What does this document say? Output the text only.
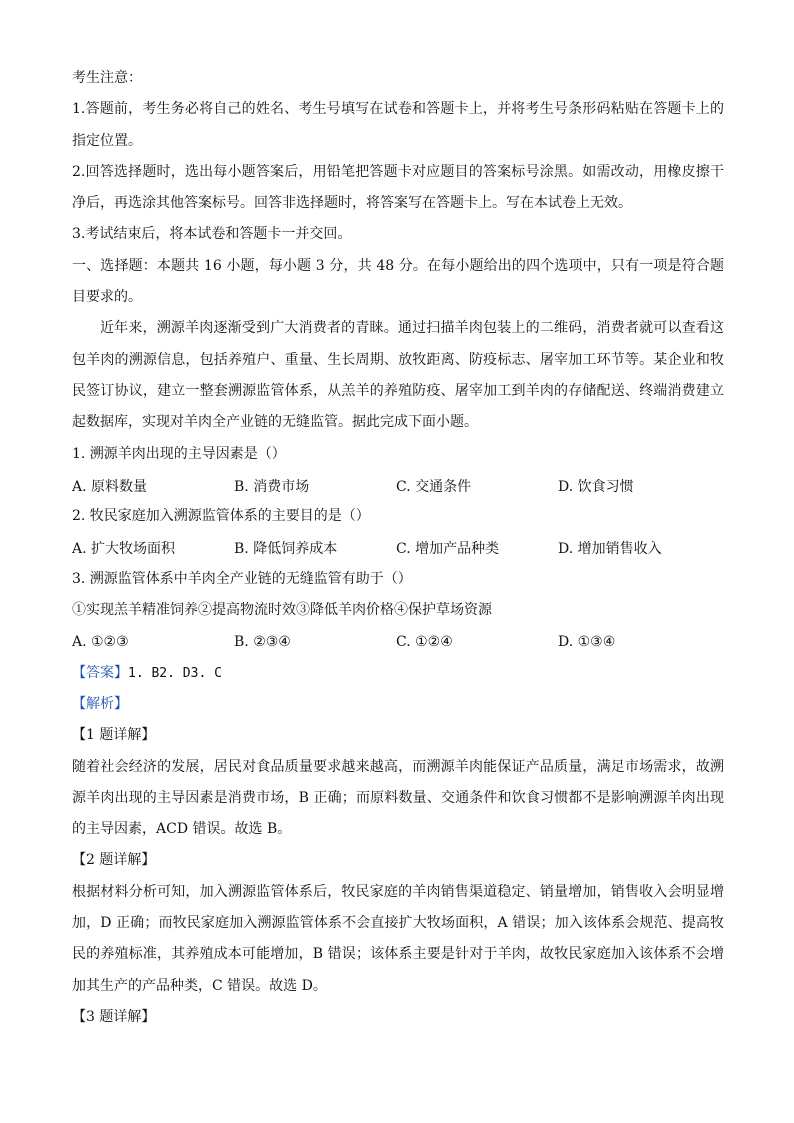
考生注意：

1.答题前，考生务必将自己的姓名、考生号填写在试卷和答题卡上，并将考生号条形码粘贴在答题卡上的指定位置。

2.回答选择题时，选出每小题答案后，用铅笔把答题卡对应题目的答案标号涂黑。如需改动，用橡皮擦干净后，再选涂其他答案标号。回答非选择题时，将答案写在答题卡上。写在本试卷上无效。

3.考试结束后，将本试卷和答题卡一并交回。

一、选择题：本题共 16 小题，每小题 3 分，共 48 分。在每小题给出的四个选项中，只有一项是符合题目要求的。

近年来，溯源羊肉逐渐受到广大消费者的青睐。通过扫描羊肉包装上的二维码，消费者就可以查看这包羊肉的溯源信息，包括养殖户、重量、生长周期、放牧距离、防疫标志、屠宰加工环节等。某企业和牧民签订协议，建立一整套溯源监管体系，从羔羊的养殖防疫、屠宰加工到羊肉的存储配送、终端消费建立起数据库，实现对羊肉全产业链的无缝监管。据此完成下面小题。

1. 溯源羊肉出现的主导因素是（）

A. 原料数量	B. 消费市场	C. 交通条件	D. 饮食习惯

2. 牧民家庭加入溯源监管体系的主要目的是（）

A. 扩大牧场面积	B. 降低饲养成本	C. 增加产品种类	D. 增加销售收入

3. 溯源监管体系中羊肉全产业链的无缝监管有助于（）

①实现羔羊精准饲养②提高物流时效③降低羊肉价格④保护草场资源

A. ①②③	B. ②③④	C. ①②④	D. ①③④

【答案】1. B2. D3. C

【解析】

【1 题详解】

随着社会经济的发展，居民对食品质量要求越来越高，而溯源羊肉能保证产品质量，满足市场需求，故溯源羊肉出现的主导因素是消费市场，B 正确；而原料数量、交通条件和饮食习惯都不是影响溯源羊肉出现的主导因素，ACD 错误。故选 B。

【2 题详解】

根据材料分析可知，加入溯源监管体系后，牧民家庭的羊肉销售渠道稳定、销量增加，销售收入会明显增加，D 正确；而牧民家庭加入溯源监管体系不会直接扩大牧场面积，A 错误；加入该体系会规范、提高牧民的养殖标准，其养殖成本可能增加，B 错误；该体系主要是针对于羊肉，故牧民家庭加入该体系不会增加其生产的产品种类，C 错误。故选 D。

【3 题详解】
